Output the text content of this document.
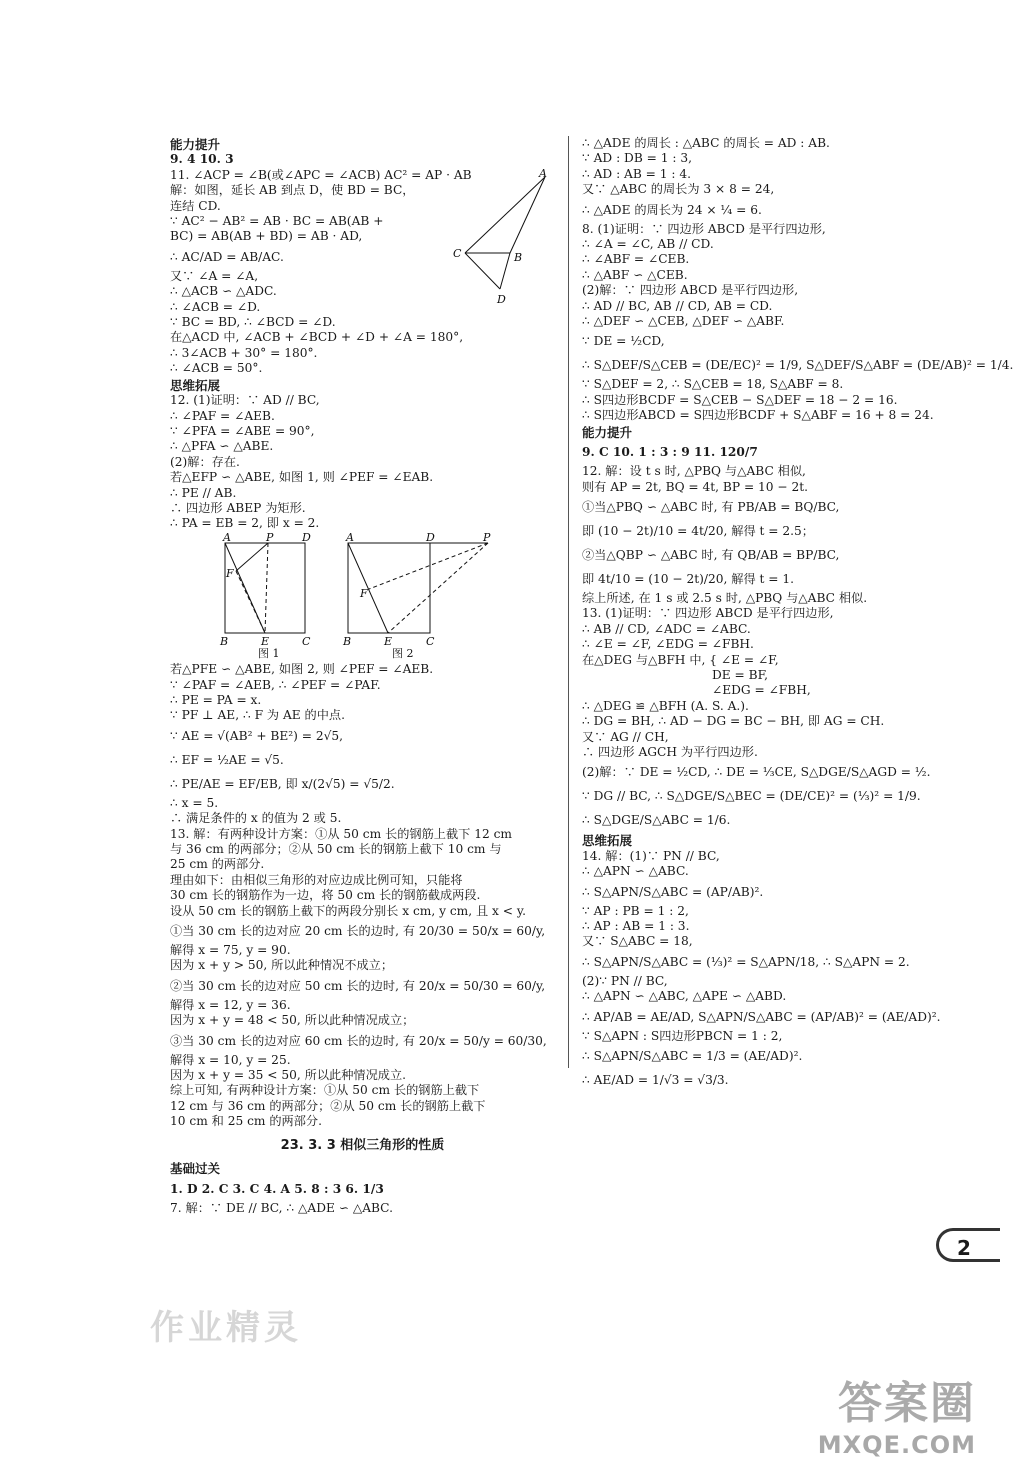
能力提升
9. 4 10. 3
11. ∠ACP = ∠B(或∠APC = ∠ACB) AC² = AP · AB	A
C	B
D
解：如图，延长 AB 到点 D，使 BD = BC，
连结 CD.
∵ AC² − AB² = AB · BC = AB(AB +
BC) = AB(AB + BD) = AB · AD,
∴ AC/AD = AB/AC.
又∵ ∠A = ∠A,
∴ △ACB ∽ △ADC.
∴ ∠ACB = ∠D.
∵ BC = BD, ∴ ∠BCD = ∠D.
在△ACD 中, ∠ACB + ∠BCD + ∠D + ∠A = 180°,
∴ 3∠ACB + 30° = 180°.
∴ ∠ACB = 50°.
思维拓展
12. (1)证明：∵ AD // BC,
∴ ∠PAF = ∠AEB.
∵ ∠PFA = ∠ABE = 90°,
∴ △PFA ∽ △ABE.
(2)解：存在.
若△EFP ∽ △ABE, 如图 1, 则 ∠PEF = ∠EAB.
∴ PE // AB.
∴ 四边形 ABEP 为矩形.
∴ PA = EB = 2, 即 x = 2.
A	P	D
F
B	E	C
图 1
A	D	P
F
B	E	C
图 2
若△PFE ∽ △ABE, 如图 2, 则 ∠PEF = ∠AEB.
∵ ∠PAF = ∠AEB, ∴ ∠PEF = ∠PAF.
∴ PE = PA = x.
∵ PF ⊥ AE, ∴ F 为 AE 的中点.
∵ AE = √(AB² + BE²) = 2√5,
∴ EF = ½AE = √5.
∴ PE/AE = EF/EB, 即 x/(2√5) = √5/2.
∴ x = 5.
∴ 满足条件的 x 的值为 2 或 5.
13. 解：有两种设计方案：①从 50 cm 长的钢筋上截下 12 cm
与 36 cm 的两部分；②从 50 cm 长的钢筋上截下 10 cm 与
25 cm 的两部分.
理由如下：由相似三角形的对应边成比例可知，只能将
30 cm 长的钢筋作为一边，将 50 cm 长的钢筋截成两段.
设从 50 cm 长的钢筋上截下的两段分别长 x cm, y cm, 且 x < y.
①当 30 cm 长的边对应 20 cm 长的边时, 有 20/30 = 50/x = 60/y,
解得 x = 75, y = 90.
因为 x + y > 50, 所以此种情况不成立；
②当 30 cm 长的边对应 50 cm 长的边时, 有 20/x = 50/30 = 60/y,
解得 x = 12, y = 36.
因为 x + y = 48 < 50, 所以此种情况成立；
③当 30 cm 长的边对应 60 cm 长的边时, 有 20/x = 50/y = 60/30,
解得 x = 10, y = 25.
因为 x + y = 35 < 50, 所以此种情况成立.
综上可知, 有两种设计方案：①从 50 cm 长的钢筋上截下
12 cm 与 36 cm 的两部分；②从 50 cm 长的钢筋上截下
10 cm 和 25 cm 的两部分.
23. 3. 3 相似三角形的性质
基础过关
1. D 2. C 3. C 4. A 5. 8 : 3 6. 1/3
7. 解：∵ DE // BC, ∴ △ADE ∽ △ABC.
∴ △ADE 的周长 : △ABC 的周长 = AD : AB.
∵ AD : DB = 1 : 3,
∴ AD : AB = 1 : 4.
又∵ △ABC 的周长为 3 × 8 = 24,
∴ △ADE 的周长为 24 × ¼ = 6.
8. (1)证明：∵ 四边形 ABCD 是平行四边形,
∴ ∠A = ∠C, AB // CD.
∴ ∠ABF = ∠CEB.
∴ △ABF ∽ △CEB.
(2)解：∵ 四边形 ABCD 是平行四边形,
∴ AD // BC, AB // CD, AB = CD.
∴ △DEF ∽ △CEB, △DEF ∽ △ABF.
∵ DE = ½CD,
∴ S△DEF/S△CEB = (DE/EC)² = 1/9, S△DEF/S△ABF = (DE/AB)² = 1/4.
∵ S△DEF = 2, ∴ S△CEB = 18, S△ABF = 8.
∴ S四边形BCDF = S△CEB − S△DEF = 18 − 2 = 16.
∴ S四边形ABCD = S四边形BCDF + S△ABF = 16 + 8 = 24.
能力提升
9. C 10. 1 : 3 : 9 11. 120/7
12. 解：设 t s 时, △PBQ 与△ABC 相似,
则有 AP = 2t, BQ = 4t, BP = 10 − 2t.
①当△PBQ ∽ △ABC 时, 有 PB/AB = BQ/BC,
即 (10 − 2t)/10 = 4t/20, 解得 t = 2.5；
②当△QBP ∽ △ABC 时, 有 QB/AB = BP/BC,
即 4t/10 = (10 − 2t)/20, 解得 t = 1.
综上所述, 在 1 s 或 2.5 s 时, △PBQ 与△ABC 相似.
13. (1)证明：∵ 四边形 ABCD 是平行四边形,
∴ AB // CD, ∠ADC = ∠ABC.
∴ ∠E = ∠F, ∠EDG = ∠FBH.
在△DEG 与△BFH 中, { ∠E = ∠F,
DE = BF,
∠EDG = ∠FBH,
∴ △DEG ≌ △BFH (A. S. A.).
∴ DG = BH, ∴ AD − DG = BC − BH, 即 AG = CH.
又∵ AG // CH,
∴ 四边形 AGCH 为平行四边形.
(2)解：∵ DE = ½CD, ∴ DE = ⅓CE, S△DGE/S△AGD = ½.
∵ DG // BC, ∴ S△DGE/S△BEC = (DE/CE)² = (⅓)² = 1/9.
∴ S△DGE/S△ABC = 1/6.
思维拓展
14. 解：(1)∵ PN // BC,
∴ △APN ∽ △ABC.
∴ S△APN/S△ABC = (AP/AB)².
∵ AP : PB = 1 : 2,
∴ AP : AB = 1 : 3.
又∵ S△ABC = 18,
∴ S△APN/S△ABC = (⅓)² = S△APN/18, ∴ S△APN = 2.
(2)∵ PN // BC,
∴ △APN ∽ △ABC, △APE ∽ △ABD.
∴ AP/AB = AE/AD, S△APN/S△ABC = (AP/AB)² = (AE/AD)².
∵ S△APN : S四边形PBCN = 1 : 2,
∴ S△APN/S△ABC = 1/3 = (AE/AD)².
∴ AE/AD = 1/√3 = √3/3.
2
作业精灵
答案圈
MXQE.COM
